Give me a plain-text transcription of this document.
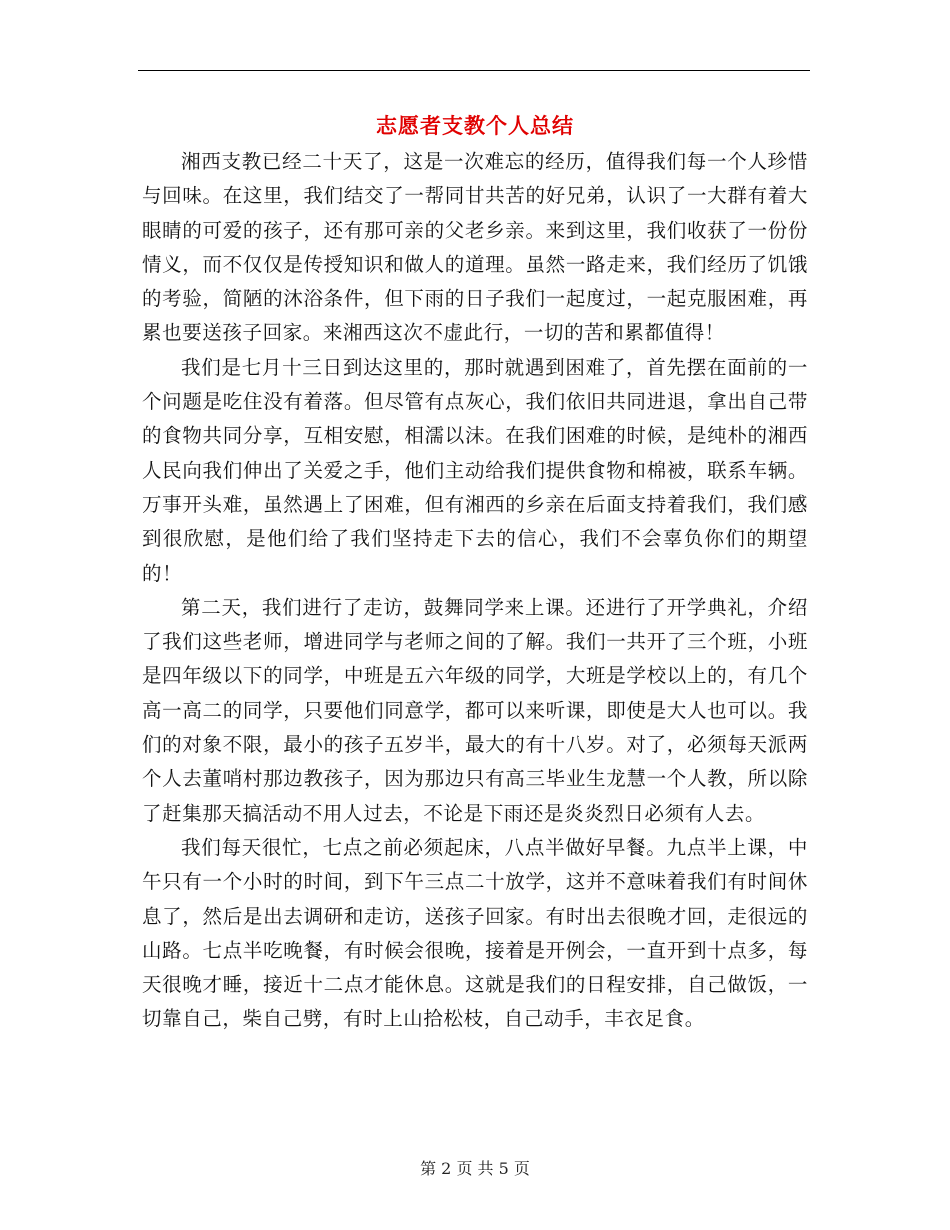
志愿者支教个人总结

湘西支教已经二十天了，这是一次难忘的经历，值得我们每一个人珍惜与回味。在这里，我们结交了一帮同甘共苦的好兄弟，认识了一大群有着大眼睛的可爱的孩子，还有那可亲的父老乡亲。来到这里，我们收获了一份份情义，而不仅仅是传授知识和做人的道理。虽然一路走来，我们经历了饥饿的考验，简陋的沐浴条件，但下雨的日子我们一起度过，一起克服困难，再累也要送孩子回家。来湘西这次不虚此行，一切的苦和累都值得！

我们是七月十三日到达这里的，那时就遇到困难了，首先摆在面前的一个问题是吃住没有着落。但尽管有点灰心，我们依旧共同进退，拿出自己带的食物共同分享，互相安慰，相濡以沫。在我们困难的时候，是纯朴的湘西人民向我们伸出了关爱之手，他们主动给我们提供食物和棉被，联系车辆。万事开头难，虽然遇上了困难，但有湘西的乡亲在后面支持着我们，我们感到很欣慰，是他们给了我们坚持走下去的信心，我们不会辜负你们的期望的！

第二天，我们进行了走访，鼓舞同学来上课。还进行了开学典礼，介绍了我们这些老师，增进同学与老师之间的了解。我们一共开了三个班，小班是四年级以下的同学，中班是五六年级的同学，大班是学校以上的，有几个高一高二的同学，只要他们同意学，都可以来听课，即使是大人也可以。我们的对象不限，最小的孩子五岁半，最大的有十八岁。对了，必须每天派两个人去董哨村那边教孩子，因为那边只有高三毕业生龙慧一个人教，所以除了赶集那天搞活动不用人过去，不论是下雨还是炎炎烈日必须有人去。

我们每天很忙，七点之前必须起床，八点半做好早餐。九点半上课，中午只有一个小时的时间，到下午三点二十放学，这并不意味着我们有时间休息了，然后是出去调研和走访，送孩子回家。有时出去很晚才回，走很远的山路。七点半吃晚餐，有时候会很晚，接着是开例会，一直开到十点多，每天很晚才睡，接近十二点才能休息。这就是我们的日程安排，自己做饭，一切靠自己，柴自己劈，有时上山拾松枝，自己动手，丰衣足食。

第 2 页 共 5 页
